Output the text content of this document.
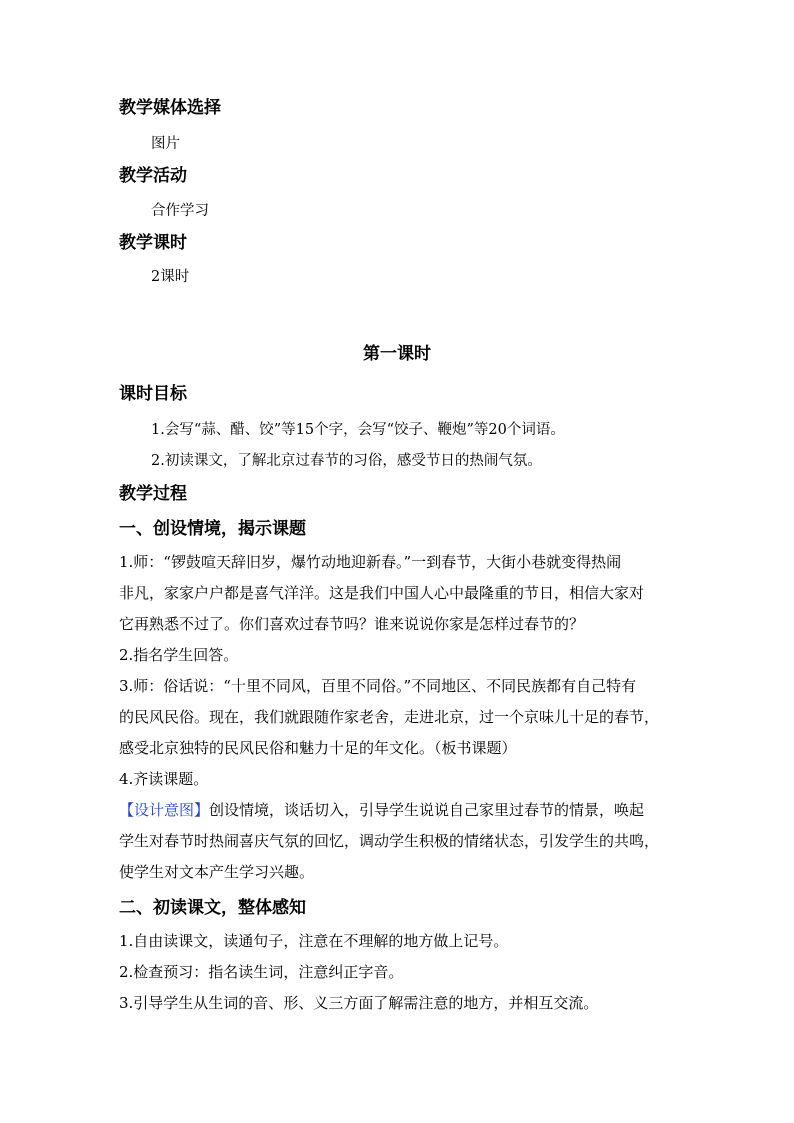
教学媒体选择
图片
教学活动
合作学习
教学课时
2课时
第一课时
课时目标
1.会写“蒜、醋、饺”等15个字，会写“饺子、鞭炮”等20个词语。
2.初读课文，了解北京过春节的习俗，感受节日的热闹气氛。
教学过程
一、创设情境，揭示课题
1.师：“锣鼓喧天辞旧岁，爆竹动地迎新春。”一到春节，大街小巷就变得热闹
非凡，家家户户都是喜气洋洋。这是我们中国人心中最隆重的节日，相信大家对
它再熟悉不过了。你们喜欢过春节吗？谁来说说你家是怎样过春节的？
2.指名学生回答。
3.师：俗话说：“十里不同风，百里不同俗。”不同地区、不同民族都有自己特有
的民风民俗。现在，我们就跟随作家老舍，走进北京，过一个京味儿十足的春节，
感受北京独特的民风民俗和魅力十足的年文化。（板书课题）
4.齐读课题。
【设计意图】创设情境，谈话切入，引导学生说说自己家里过春节的情景，唤起
学生对春节时热闹喜庆气氛的回忆，调动学生积极的情绪状态，引发学生的共鸣，
使学生对文本产生学习兴趣。
二、初读课文，整体感知
1.自由读课文，读通句子，注意在不理解的地方做上记号。
2.检查预习：指名读生词，注意纠正字音。
3.引导学生从生词的音、形、义三方面了解需注意的地方，并相互交流。
